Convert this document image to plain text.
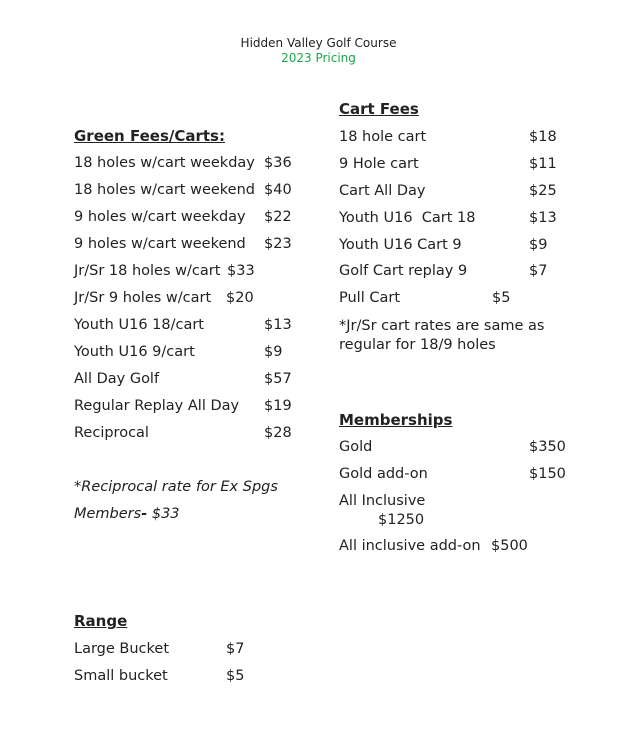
Hidden Valley Golf Course
2023 Pricing
Green Fees/Carts:
18 holes w/cart weekday $36
18 holes w/cart weekend $40
9 holes w/cart weekday $22
9 holes w/cart weekend $23
Jr/Sr 18 holes w/cart $33
Jr/Sr 9 holes w/cart $20
Youth U16 18/cart	$13
Youth U16 9/cart	$9
All Day Golf	$57
Regular Replay All Day $19
Reciprocal	$28
*Reciprocal rate for Ex Spgs
Members- $33
Range
Large Bucket	$7
Small bucket	$5
Cart Fees
18 hole cart	$18
9 Hole cart	$11
Cart All Day	$25
Youth U16  Cart 18	$13
Youth U16 Cart 9	$9
Golf Cart replay 9	$7
Pull Cart	$5
*Jr/Sr cart rates are same as
regular for 18/9 holes
Memberships
Gold	$350
Gold add-on	$150
All Inclusive
$1250
All inclusive add-on $500
